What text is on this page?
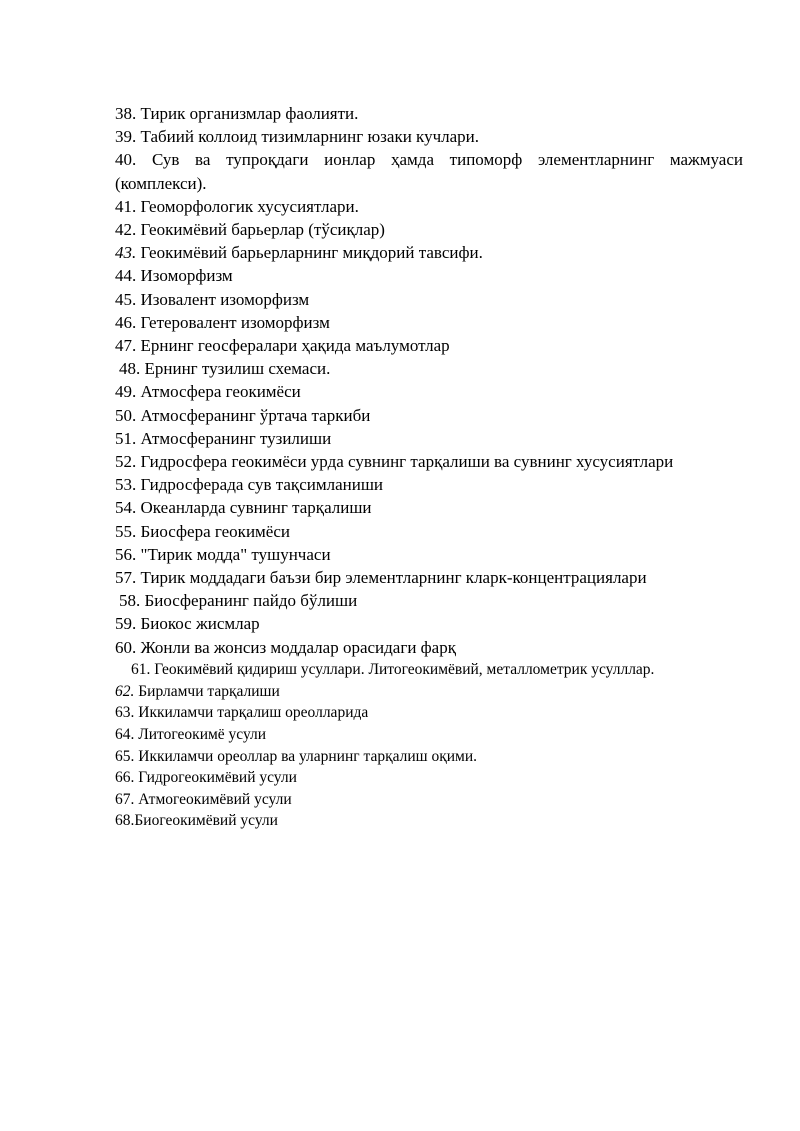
38. Тирик организмлар фаолияти.
39. Табиий коллоид тизимларнинг юзаки кучлари.
40. Сув ва тупроқдаги ионлар ҳамда типоморф элементларнинг мажмуаси (комплекси).
41. Геоморфологик хусусиятлари.
42. Геокимёвий барьерлар (тўсиқлар)
43. Геокимёвий барьерларнинг миқдорий тавсифи.
44. Изоморфизм
45. Изовалент изоморфизм
46. Гетеровалент изоморфизм
47. Ернинг геосфералари ҳақида маълумотлар
48. Ернинг тузилиш схемаси.
49. Атмосфера геокимёси
50. Атмосферанинг ўртача таркиби
51. Атмосферанинг тузилиши
52. Гидросфера геокимёси урда сувнинг тарқалиши ва сувнинг хусусиятлари
53. Гидросферада сув тақсимланиши
54. Океанларда сувнинг тарқалиши
55. Биосфера геокимёси
56. "Тирик модда" тушунчаси
57. Тирик моддадаги баъзи бир элементларнинг кларк-концентрациялари
58. Биосферанинг пайдо бўлиши
59. Биокос жисмлар
60. Жонли ва жонсиз моддалар орасидаги фарқ
61. Геокимёвий қидириш усуллари. Литогеокимёвий, металлометрик усулллар.
62. Бирламчи тарқалиши
63. Иккиламчи тарқалиш ореолларида
64. Литогеокимё усули
65. Иккиламчи ореоллар ва уларнинг тарқалиш оқими.
66. Гидрогеокимёвий усули
67. Атмогеокимёвий усули
68.Биогеокимёвий усули
